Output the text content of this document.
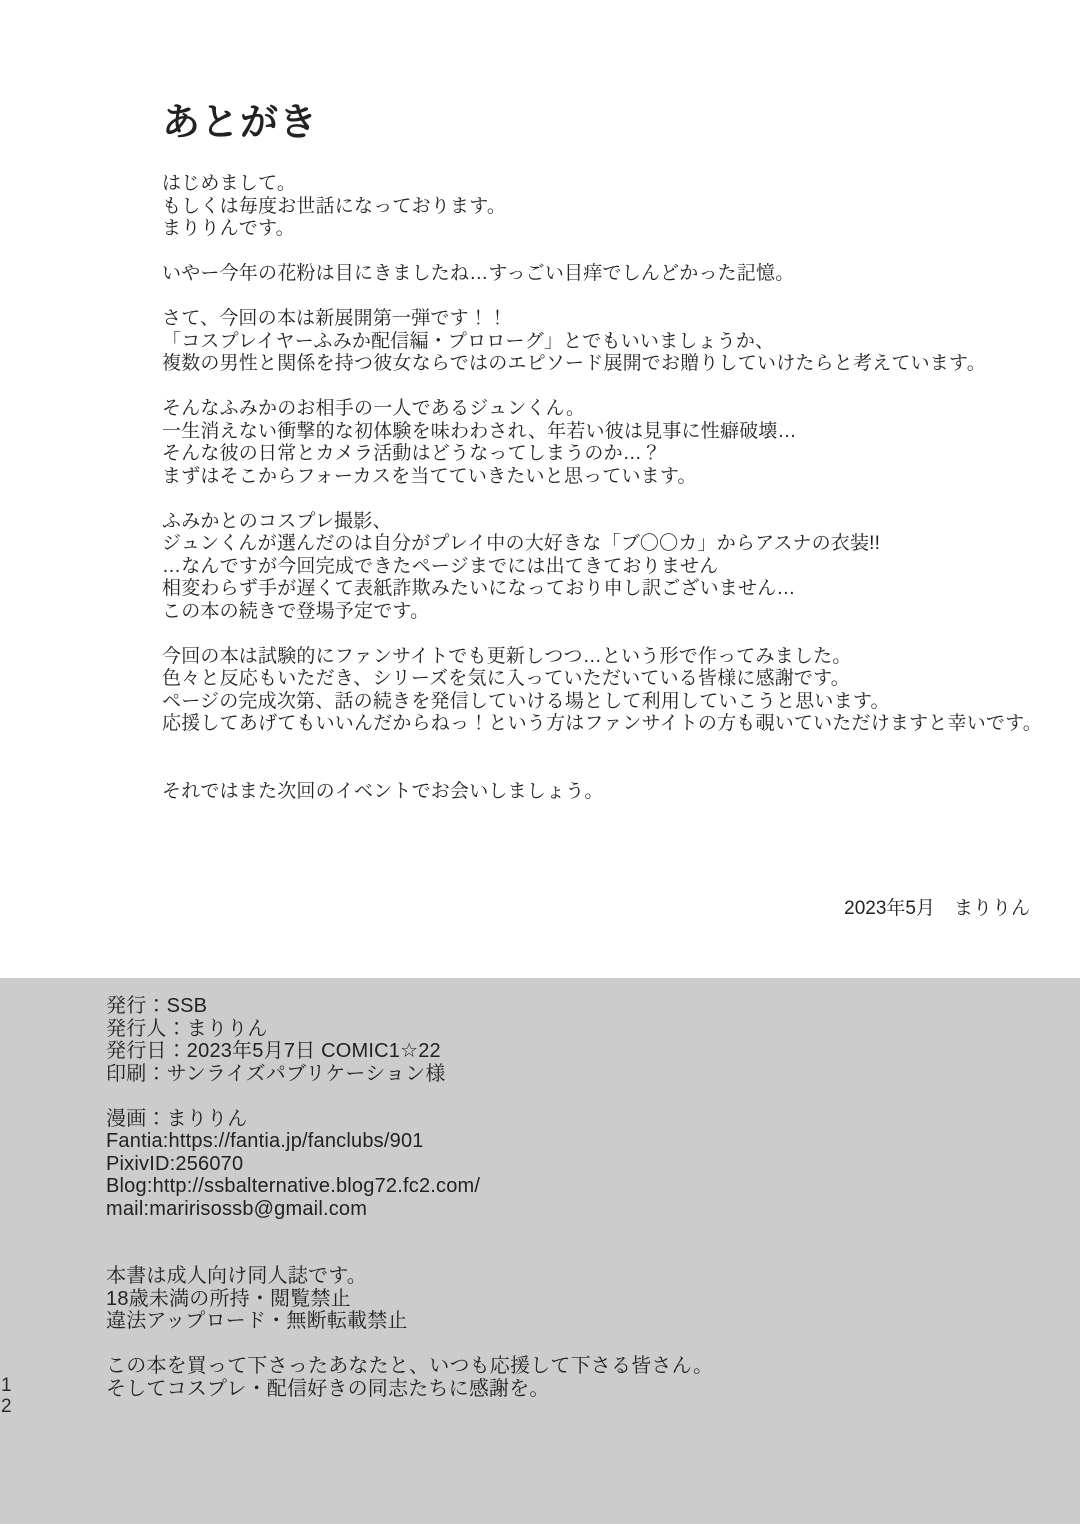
あとがき
はじめまして。
もしくは毎度お世話になっております。
まりりんです。
いやー今年の花粉は目にきましたね…すっごい目痒でしんどかった記憶。
さて、今回の本は新展開第一弾です！！
「コスプレイヤーふみか配信編・プロローグ」とでもいいましょうか、
複数の男性と関係を持つ彼女ならではのエピソード展開でお贈りしていけたらと考えています。
そんなふみかのお相手の一人であるジュンくん。
一生消えない衝撃的な初体験を味わわされ、年若い彼は見事に性癖破壊…
そんな彼の日常とカメラ活動はどうなってしまうのか…？
まずはそこからフォーカスを当てていきたいと思っています。
ふみかとのコスプレ撮影、
ジュンくんが選んだのは自分がプレイ中の大好きな「ブ〇〇カ」からアスナの衣装!!
…なんですが今回完成できたページまでには出てきておりません
相変わらず手が遅くて表紙詐欺みたいになっており申し訳ございません…
この本の続きで登場予定です。
今回の本は試験的にファンサイトでも更新しつつ…という形で作ってみました。
色々と反応もいただき、シリーズを気に入っていただいている皆様に感謝です。
ページの完成次第、話の続きを発信していける場として利用していこうと思います。
応援してあげてもいいんだからねっ！という方はファンサイトの方も覗いていただけますと幸いです。
それではまた次回のイベントでお会いしましょう。
2023年5月　まりりん
発行：SSB
発行人：まりりん
発行日：2023年5月7日 COMIC1☆22
印刷：サンライズパブリケーション様
漫画：まりりん
Fantia:https://fantia.jp/fanclubs/901
PixivID:256070
Blog:http://ssbalternative.blog72.fc2.com/
mail:maririsossb@gmail.com
本書は成人向け同人誌です。
18歳未満の所持・閲覧禁止
違法アップロード・無断転載禁止
この本を買って下さったあなたと、いつも応援して下さる皆さん。
そしてコスプレ・配信好きの同志たちに感謝を。
1
2
